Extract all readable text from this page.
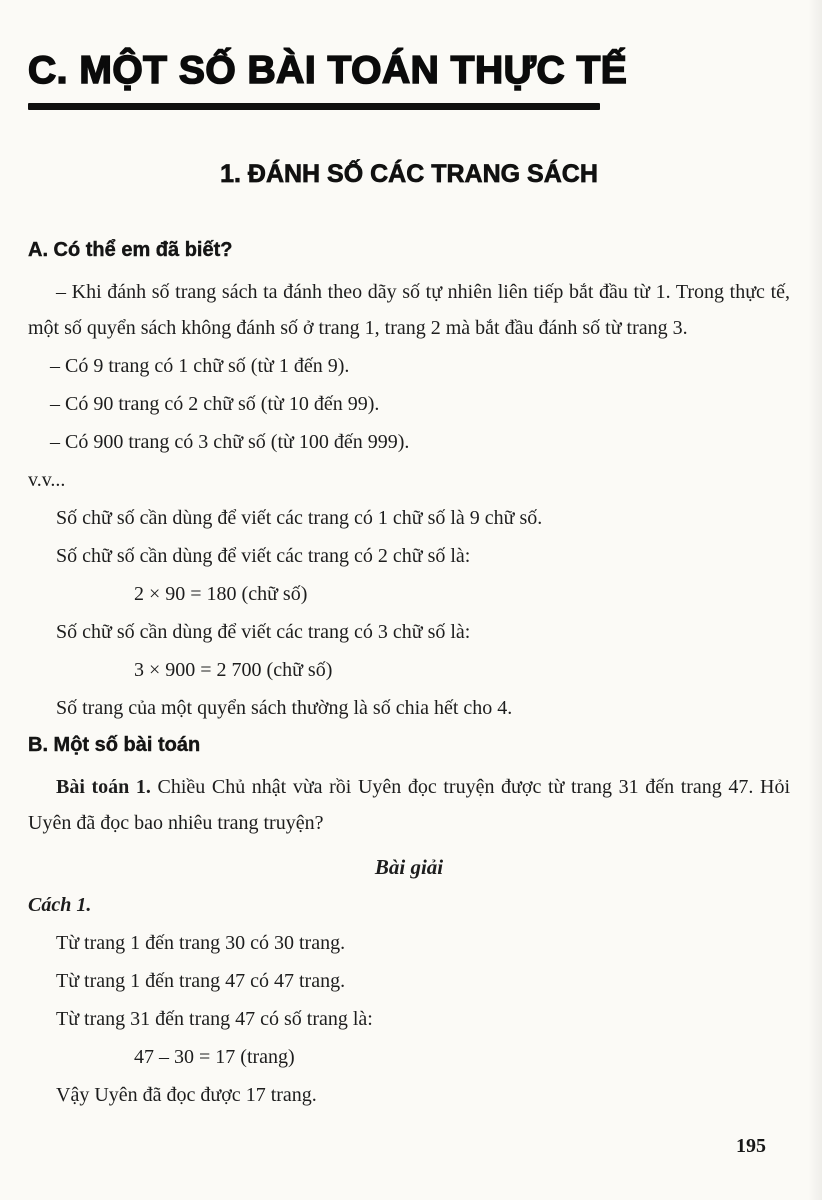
C. MỘT SỐ BÀI TOÁN THỰC TẾ
1. ĐÁNH SỐ CÁC TRANG SÁCH
A. Có thể em đã biết?

– Khi đánh số trang sách ta đánh theo dãy số tự nhiên liên tiếp bắt đầu từ 1. Trong thực tế, một số quyển sách không đánh số ở trang 1, trang 2 mà bắt đầu đánh số từ trang 3.

– Có 9 trang có 1 chữ số (từ 1 đến 9).

– Có 90 trang có 2 chữ số (từ 10 đến 99).

– Có 900 trang có 3 chữ số (từ 100 đến 999).

v.v...

Số chữ số cần dùng để viết các trang có 1 chữ số là 9 chữ số.

Số chữ số cần dùng để viết các trang có 2 chữ số là:

2 × 90 = 180 (chữ số)

Số chữ số cần dùng để viết các trang có 3 chữ số là:

3 × 900 = 2 700 (chữ số)

Số trang của một quyển sách thường là số chia hết cho 4.

B. Một số bài toán

Bài toán 1. Chiều Chủ nhật vừa rồi Uyên đọc truyện được từ trang 31 đến trang 47. Hỏi Uyên đã đọc bao nhiêu trang truyện?

Bài giải

Cách 1.

Từ trang 1 đến trang 30 có 30 trang.

Từ trang 1 đến trang 47 có 47 trang.

Từ trang 31 đến trang 47 có số trang là:

47 – 30 = 17 (trang)

Vậy Uyên đã đọc được 17 trang.

195
